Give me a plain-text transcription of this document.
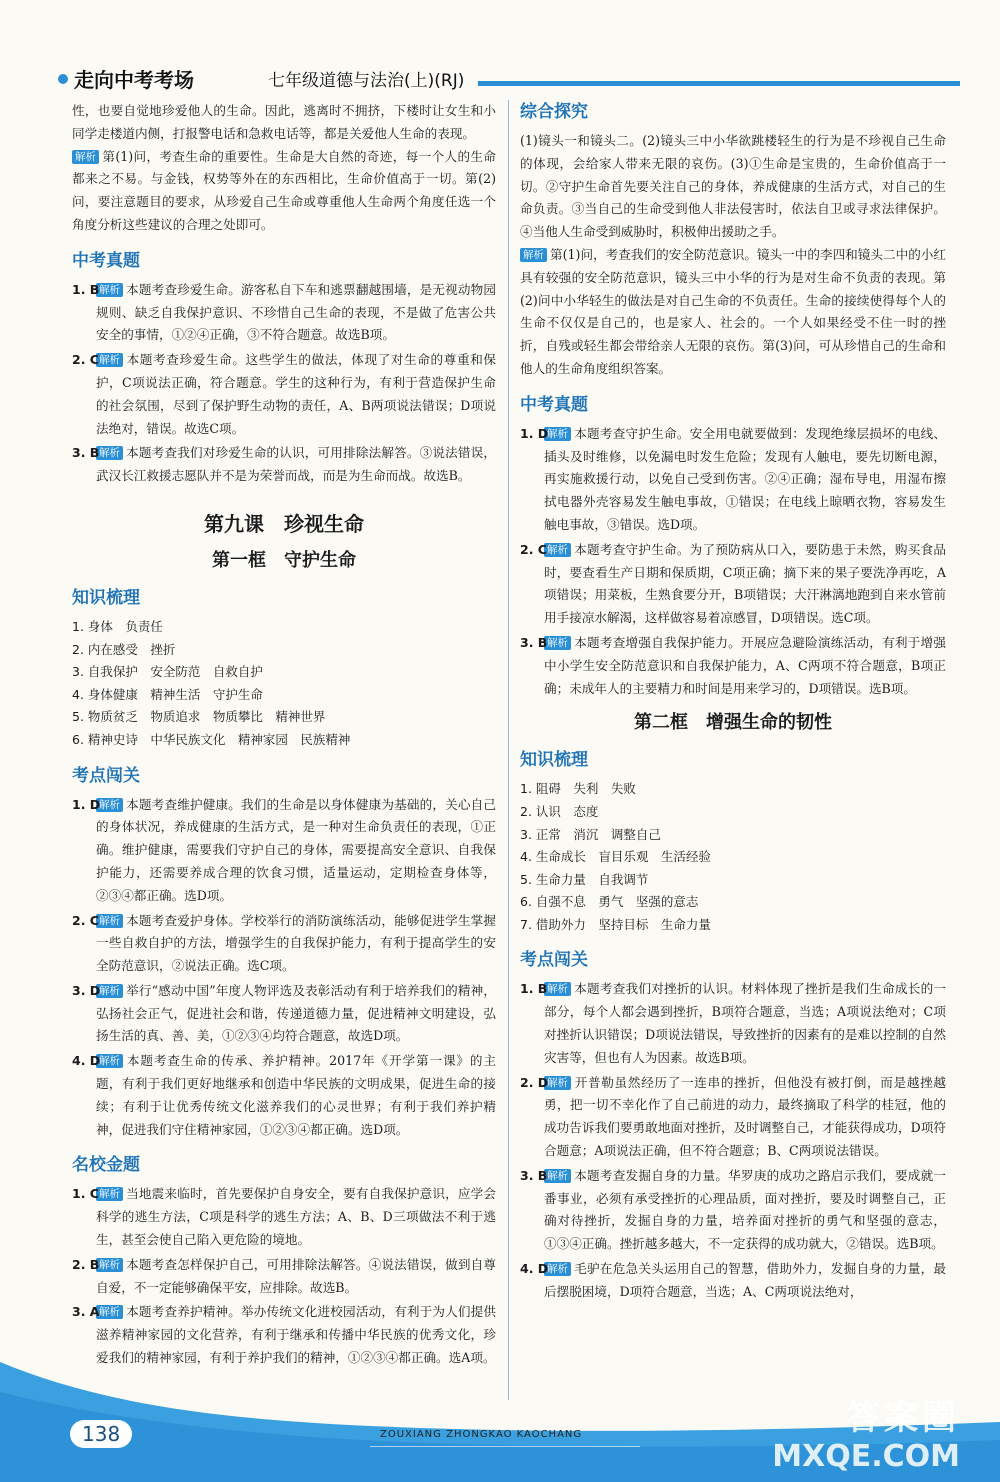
走向中考考场	七年级道德与法治(上)(RJ)

性，也要自觉地珍爱他人的生命。因此，逃离时不拥挤，下楼时让女生和小同学走楼道内侧，打报警电话和急救电话等，都是关爱他人生命的表现。

解析 第(1)问，考查生命的重要性。生命是大自然的奇迹，每一个人的生命都来之不易。与金钱，权势等外在的东西相比，生命价值高于一切。第(2)问，要注意题目的要求，从珍爱自己生命或尊重他人生命两个角度任选一个角度分析这些建议的合理之处即可。

中考真题
1. B 解析 本题考查珍爱生命。游客私自下车和逃票翻越围墙，是无视动物园规则、缺乏自我保护意识、不珍惜自己生命的表现，不是做了危害公共安全的事情，①②④正确，③不符合题意。故选B项。
2. C 解析 本题考查珍爱生命。这些学生的做法，体现了对生命的尊重和保护，C项说法正确，符合题意。学生的这种行为，有利于营造保护生命的社会氛围，尽到了保护野生动物的责任，A、B两项说法错误；D项说法绝对，错误。故选C项。
3. B 解析 本题考查我们对珍爱生命的认识，可用排除法解答。③说法错误，武汉长江救援志愿队并不是为荣誉而战，而是为生命而战。故选B。
第九课　珍视生命
第一框　守护生命
知识梳理
1. 身体　负责任
2. 内在感受　挫折
3. 自我保护　安全防范　自救自护
4. 身体健康　精神生活　守护生命
5. 物质贫乏　物质追求　物质攀比　精神世界
6. 精神史诗　中华民族文化　精神家园　民族精神
考点闯关
1. D
解析 本题考查维护健康。我们的生命是以身体健康为基础的，关心自己的身体状况，养成健康的生活方式，是一种对生命负责任的表现，①正确。维护健康，需要我们守护自己的身体，需要提高安全意识、自我保护能力，还需要养成合理的饮食习惯，适量运动，定期检查身体等，②③④都正确。选D项。
2. C 解析 本题考查爱护身体。学校举行的消防演练活动，能够促进学生掌握一些自救自护的方法，增强学生的自我保护能力，有利于提高学生的安全防范意识，②说法正确。选C项。
3. D
解析 举行“感动中国”年度人物评选及表彰活动有利于培养我们的精神，弘扬社会正气，促进社会和谐，传递道德力量，促进精神文明建设，弘扬生活的真、善、美，①②③④均符合题意，故选D项。
4. D
解析 本题考查生命的传承、养护精神。2017年《开学第一课》的主题，有利于我们更好地继承和创造中华民族的文明成果，促进生命的接续；有利于让优秀传统文化滋养我们的心灵世界；有利于我们养护精神，促进我们守住精神家园，①②③④都正确。选D项。
名校金题
1. C 解析 当地震来临时，首先要保护自身安全，要有自我保护意识，应学会科学的逃生方法，C项是科学的逃生方法；A、B、D三项做法不利于逃生，甚至会使自己陷入更危险的境地。
2. B 解析 本题考查怎样保护自己，可用排除法解答。④说法错误，做到自尊自爱，不一定能够确保平安，应排除。故选B。
3. A 解析 本题考查养护精神。举办传统文化进校园活动，有利于为人们提供滋养精神家园的文化营养，有利于继承和传播中华民族的优秀文化，珍爱我们的精神家园，有利于养护我们的精神，①②③④都正确。选A项。
综合探究

(1)镜头一和镜头二。(2)镜头三中小华欲跳楼轻生的行为是不珍视自己生命的体现，会给家人带来无限的哀伤。(3)①生命是宝贵的，生命价值高于一切。②守护生命首先要关注自己的身体，养成健康的生活方式，对自己的生命负责。③当自己的生命受到他人非法侵害时，依法自卫或寻求法律保护。④当他人生命受到威胁时，积极伸出援助之手。

解析 第(1)问，考查我们的安全防范意识。镜头一中的李四和镜头二中的小红具有较强的安全防范意识，镜头三中小华的行为是对生命不负责的表现。第(2)问中小华轻生的做法是对自己生命的不负责任。生命的接续使得每个人的生命不仅仅是自己的，也是家人、社会的。一个人如果经受不住一时的挫折，自残或轻生都会带给亲人无限的哀伤。第(3)问，可从珍惜自己的生命和他人的生命角度组织答案。

中考真题
1. D
解析 本题考查守护生命。安全用电就要做到：发现绝缘层损坏的电线、插头及时维修，以免漏电时发生危险；发现有人触电，要先切断电源，再实施救援行动，以免自己受到伤害。②④正确；湿布导电，用湿布擦拭电器外壳容易发生触电事故，①错误；在电线上晾晒衣物，容易发生触电事故，③错误。选D项。
2. C 解析 本题考查守护生命。为了预防病从口入，要防患于未然，购买食品时，要查看生产日期和保质期，C项正确；摘下来的果子要洗净再吃，A项错误；用菜板，生熟食要分开，B项错误；大汗淋漓地跑到自来水管前用手接凉水解渴，这样做容易着凉感冒，D项错误。选C项。
3. B 解析 本题考查增强自我保护能力。开展应急避险演练活动，有利于增强中小学生安全防范意识和自我保护能力，A、C两项不符合题意，B项正确；未成年人的主要精力和时间是用来学习的，D项错误。选B项。
第二框　增强生命的韧性
知识梳理
1. 阻碍　失利　失败
2. 认识　态度
3. 正常　消沉　调整自己
4. 生命成长　盲目乐观　生活经验
5. 生命力量　自我调节
6. 自强不息　勇气　坚强的意志
7. 借助外力　坚持目标　生命力量
考点闯关
1. B 解析 本题考查我们对挫折的认识。材料体现了挫折是我们生命成长的一部分，每个人都会遇到挫折，B项符合题意，当选；A项说法绝对；C项对挫折认识错误；D项说法错误，导致挫折的因素有的是难以控制的自然灾害等，但也有人为因素。故选B项。
2. D
解析 开普勒虽然经历了一连串的挫折，但他没有被打倒，而是越挫越勇，把一切不幸化作了自己前进的动力，最终摘取了科学的桂冠，他的成功告诉我们要勇敢地面对挫折，及时调整自己，才能获得成功，D项符合题意；A项说法正确，但不符合题意；B、C两项说法错误。
3. B 解析 本题考查发掘自身的力量。华罗庚的成功之路启示我们，要成就一番事业，必须有承受挫折的心理品质，面对挫折，要及时调整自己，正确对待挫折，发掘自身的力量，培养面对挫折的勇气和坚强的意志，①③④正确。挫折越多越大，不一定获得的成功就大，②错误。选B项。
4. D
解析 毛驴在危急关头运用自己的智慧，借助外力，发掘自身的力量，最后摆脱困境，D项符合题意，当选；A、C两项说法绝对，
138	ZOUXIANG ZHONGKAO KAOCHANG	答案圈
MXQE.COM
